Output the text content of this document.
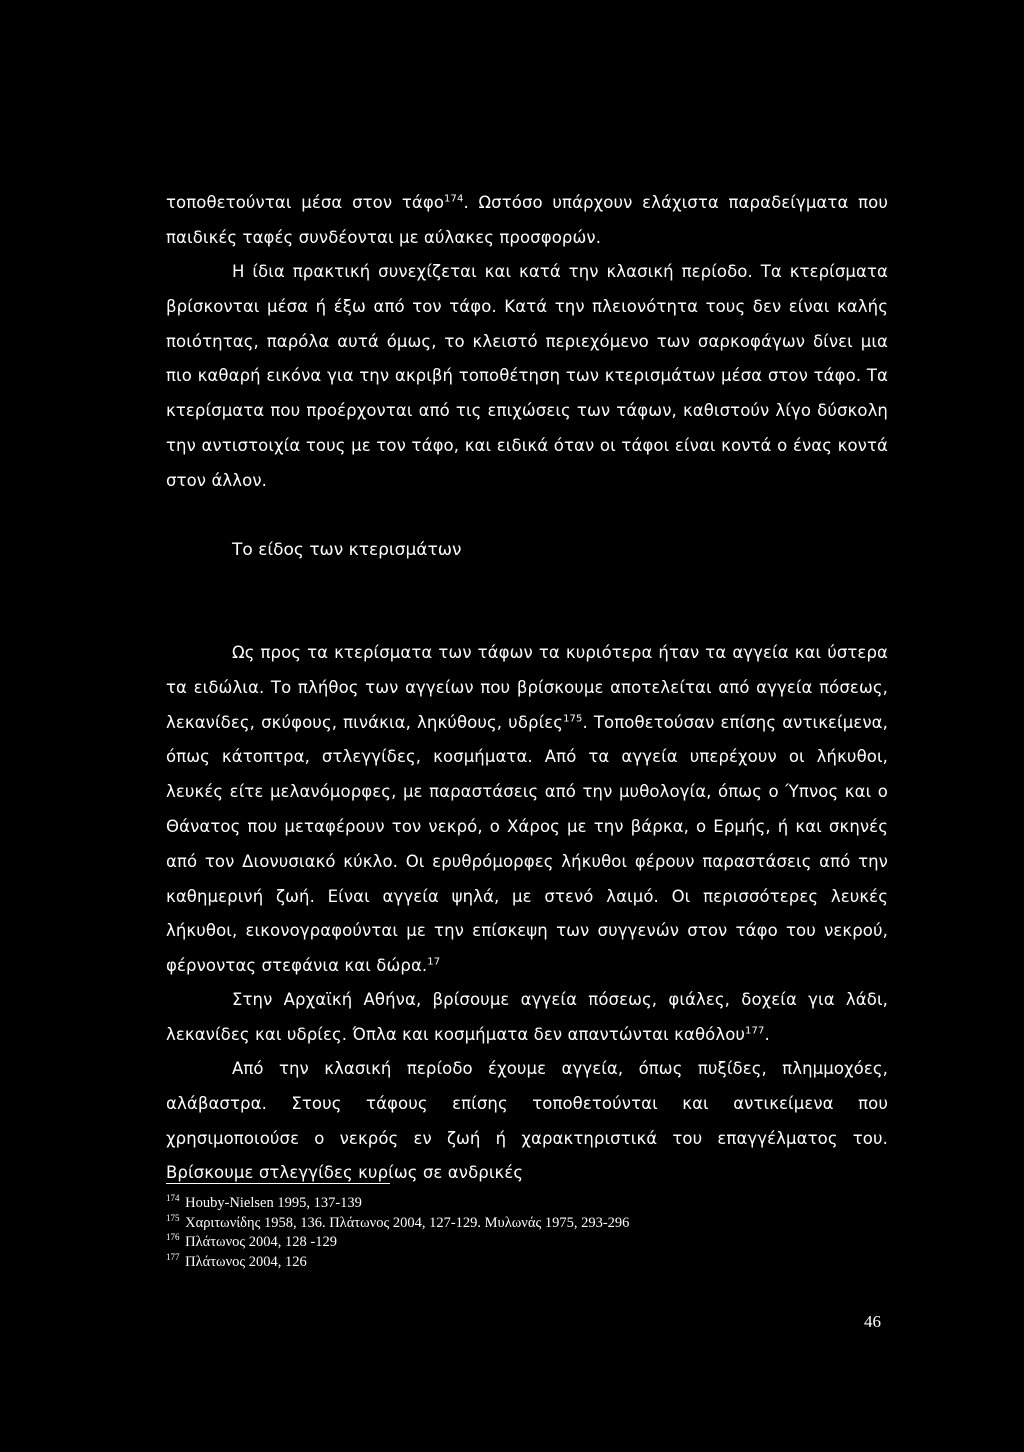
τοποθετούνται μέσα στον τάφο$^{174}$. Ωστόσο υπάρχουν ελάχιστα παραδείγματα που παιδικές ταφές συνδέονται με αύλακες προσφορών.

Η ίδια πρακτική συνεχίζεται και κατά την κλασική περίοδο. Τα κτερίσματα βρίσκονται μέσα ή έξω από τον τάφο. Κατά την πλειονότητα τους δεν είναι καλής ποιότητας, παρόλα αυτά όμως, το κλειστό περιεχόμενο των σαρκοφάγων δίνει μια πιο καθαρή εικόνα για την ακριβή τοποθέτηση των κτερισμάτων μέσα στον τάφο. Τα κτερίσματα που προέρχονται από τις επιχώσεις των τάφων, καθιστούν λίγο δύσκολη την αντιστοιχία τους με τον τάφο, και ειδικά όταν οι τάφοι είναι κοντά ο ένας κοντά στον άλλον.

Το είδος των κτερισμάτων

Ως προς τα κτερίσματα των τάφων τα κυριότερα ήταν τα αγγεία και ύστερα τα ειδώλια. Το πλήθος των αγγείων που βρίσκουμε αποτελείται από αγγεία πόσεως, λεκανίδες, σκύφους, πινάκια, ληκύθους, υδρίες$^{175}$. Τοποθετούσαν επίσης αντικείμενα, όπως κάτοπτρα, στλεγγίδες, κοσμήματα. Από τα αγγεία υπερέχουν οι λήκυθοι, λευκές είτε μελανόμορφες, με παραστάσεις από την μυθολογία, όπως ο Ύπνος και ο Θάνατος που μεταφέρουν τον νεκρό, ο Χάρος με την βάρκα, ο Ερμής, ή και σκηνές από τον Διονυσιακό κύκλο. Οι ερυθρόμορφες λήκυθοι φέρουν παραστάσεις από την καθημερινή ζωή. Είναι αγγεία ψηλά, με στενό λαιμό. Οι περισσότερες λευκές λήκυθοι, εικονογραφούνται με την επίσκεψη των συγγενών στον τάφο του νεκρού, φέρνοντας στεφάνια και δώρα.$^{17}$

Στην Αρχαϊκή Αθήνα, βρίσουμε αγγεία πόσεως, φιάλες, δοχεία για λάδι, λεκανίδες και υδρίες. Όπλα και κοσμήματα δεν απαντώνται καθόλου$^{177}$.

Από την κλασική περίοδο έχουμε αγγεία, όπως πυξίδες, πλημμοχόες, αλάβαστρα. Στους τάφους επίσης τοποθετούνται και αντικείμενα που χρησιμοποιούσε ο νεκρός εν ζωή ή χαρακτηριστικά του επαγγέλματος του. Βρίσκουμε στλεγγίδες κυρίως σε ανδρικές

$^{174}$ Houby-Nielsen 1995, 137-139
$^{175}$ Χαριτωνίδης 1958, 136. Πλάτωνος 2004, 127-129. Μυλωνάς 1975, 293-296
$^{176}$ Πλάτωνος 2004, 128 -129
$^{177}$ Πλάτωνος 2004, 126
46
